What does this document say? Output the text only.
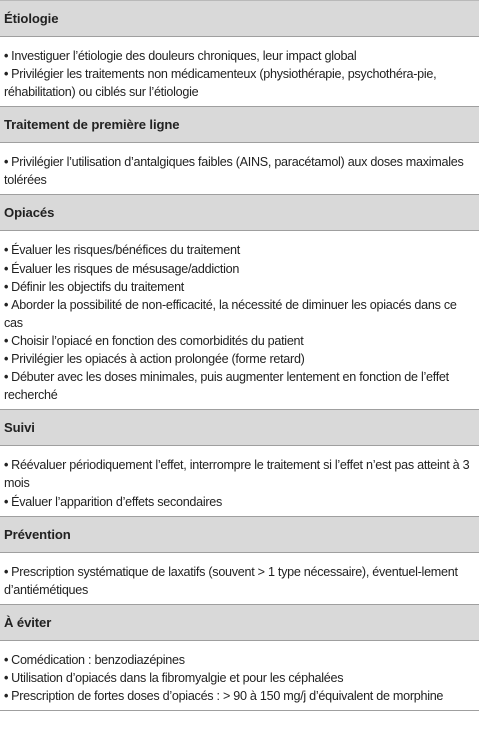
Étiologie
• Investiguer l’étiologie des douleurs chroniques, leur impact global
• Privilégier les traitements non médicamenteux (physiothérapie, psychothéra-pie, réhabilitation) ou ciblés sur l’étiologie
Traitement de première ligne
• Privilégier l’utilisation d’antalgiques faibles (AINS, paracétamol) aux doses maximales tolérées
Opiacés
• Évaluer les risques/bénéfices du traitement
• Évaluer les risques de mésusage/addiction
• Définir les objectifs du traitement
• Aborder la possibilité de non-efficacité, la nécessité de diminuer les opiacés dans ce cas
• Choisir l’opiacé en fonction des comorbidités du patient
• Privilégier les opiacés à action prolongée (forme retard)
• Débuter avec les doses minimales, puis augmenter lentement en fonction de l’effet recherché
Suivi
• Réévaluer périodiquement l’effet, interrompre le traitement si l’effet n’est pas atteint à 3 mois
• Évaluer l’apparition d’effets secondaires
Prévention
• Prescription systématique de laxatifs (souvent > 1 type nécessaire), éventuel-lement d’antiémétiques
À éviter
• Comédication : benzodiazépines
• Utilisation d’opiacés dans la fibromyalgie et pour les céphalées
• Prescription de fortes doses d’opiacés : > 90 à 150 mg/j d’équivalent de morphine
